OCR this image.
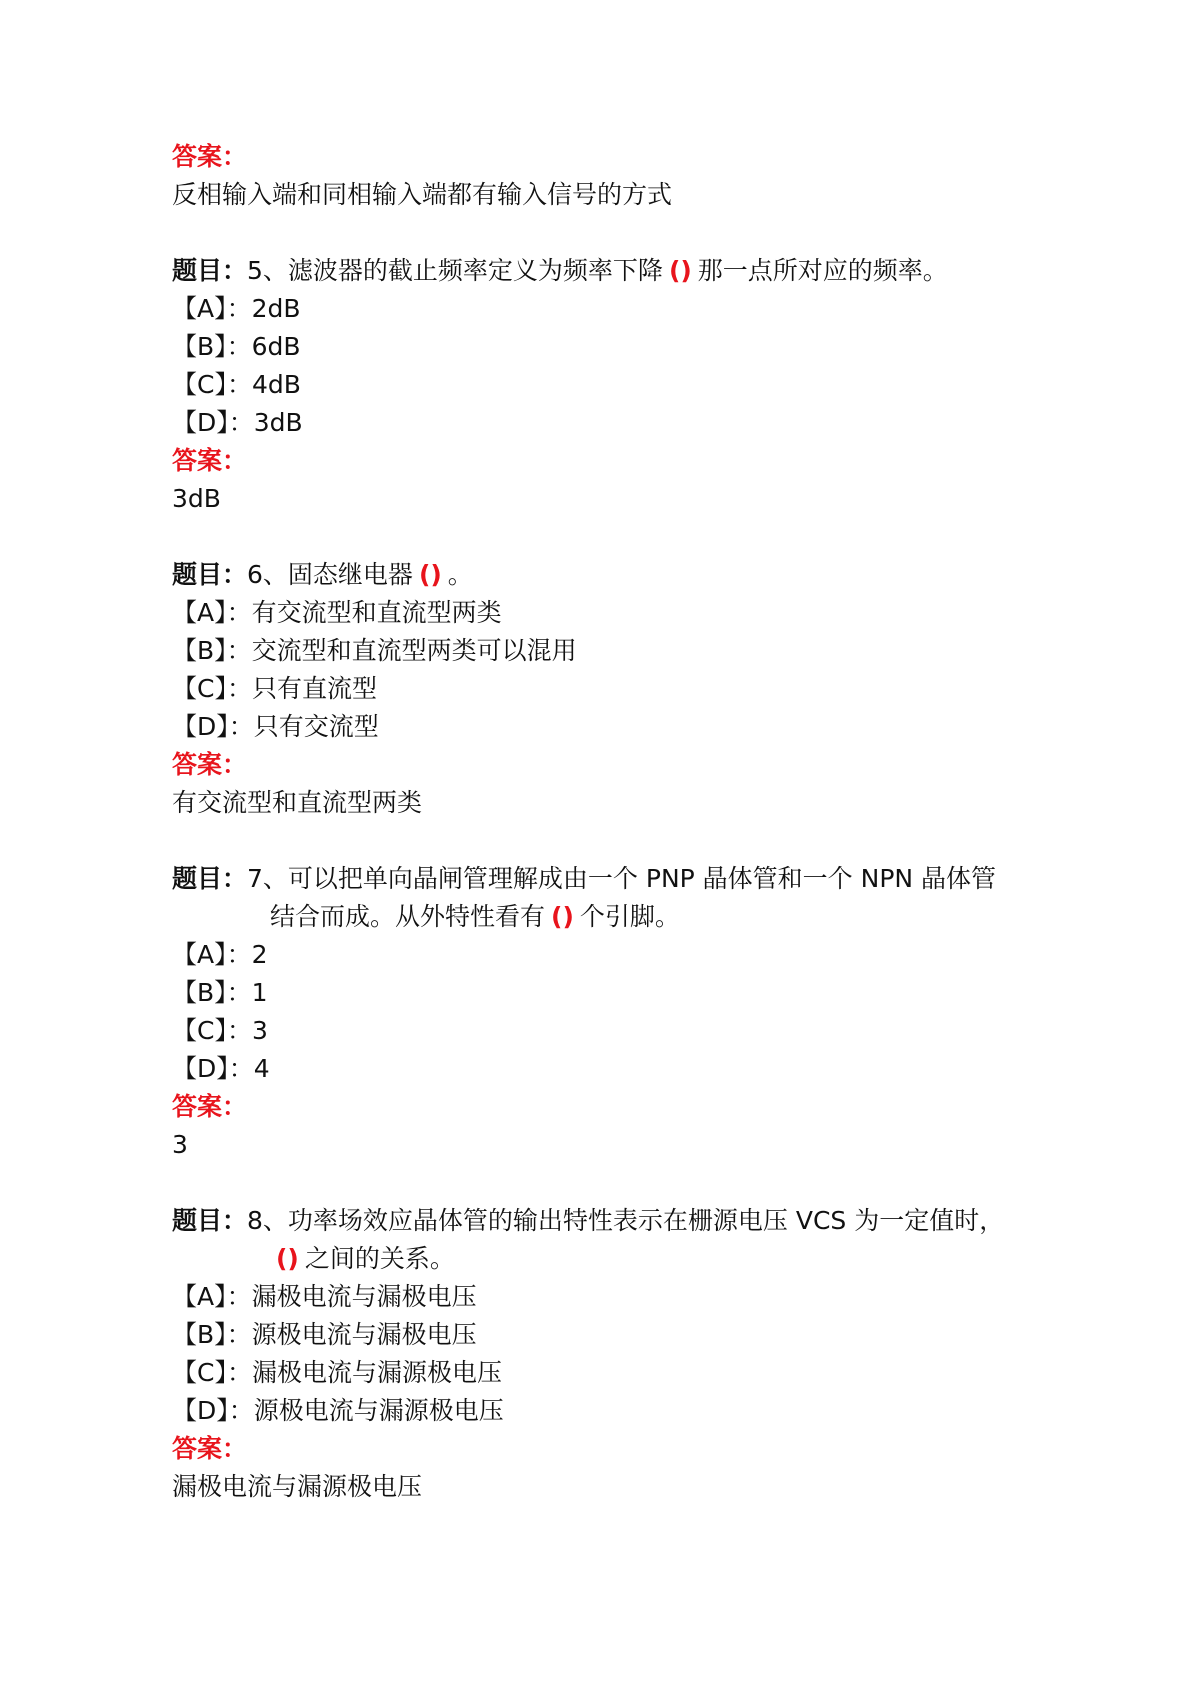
答案：
反相输入端和同相输入端都有输入信号的方式
题目：5、滤波器的截止频率定义为频率下降 () 那一点所对应的频率。
【A】：2dB
【B】：6dB
【C】：4dB
【D】：3dB
答案：
3dB
题目：6、固态继电器 () 。
【A】：有交流型和直流型两类
【B】：交流型和直流型两类可以混用
【C】：只有直流型
【D】：只有交流型
答案：
有交流型和直流型两类
题目：7、可以把单向晶闸管理解成由一个 PNP 晶体管和一个 NPN 晶体管
结合而成。从外特性看有 () 个引脚。
【A】：2
【B】：1
【C】：3
【D】：4
答案：
3
题目：8、功率场效应晶体管的输出特性表示在栅源电压 VCS 为一定值时，
() 之间的关系。
【A】：漏极电流与漏极电压
【B】：源极电流与漏极电压
【C】：漏极电流与漏源极电压
【D】：源极电流与漏源极电压
答案：
漏极电流与漏源极电压
